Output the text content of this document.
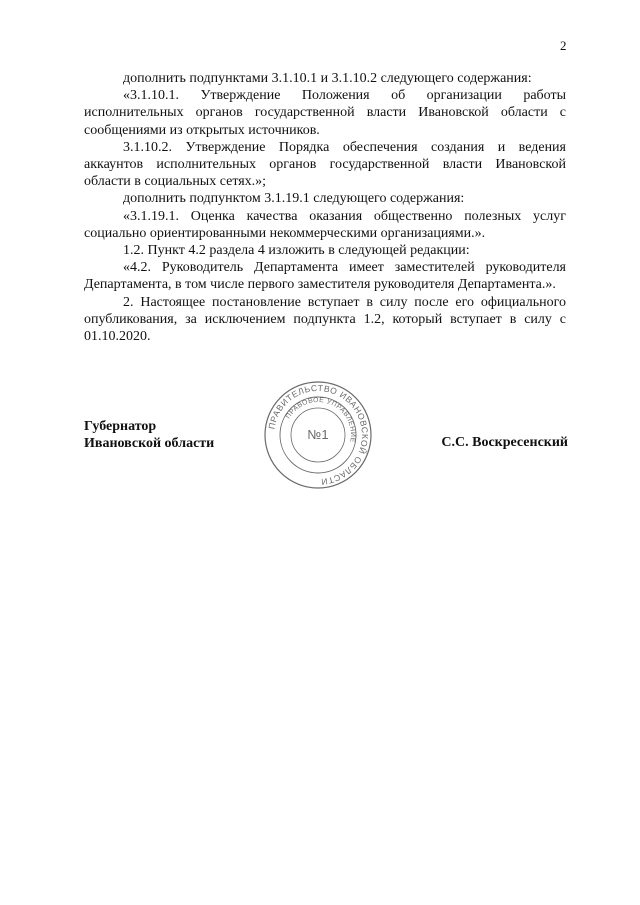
2

дополнить подпунктами 3.1.10.1 и 3.1.10.2 следующего содержания:

«3.1.10.1. Утверждение Положения об организации работы исполнительных органов государственной власти Ивановской области с сообщениями из открытых источников.

3.1.10.2. Утверждение Порядка обеспечения создания и ведения аккаунтов исполнительных органов государственной власти Ивановской области в социальных сетях.»;

дополнить подпунктом 3.1.19.1 следующего содержания:

«3.1.19.1. Оценка качества оказания общественно полезных услуг социально ориентированными некоммерческими организациями.».

1.2. Пункт 4.2 раздела 4 изложить в следующей редакции:

«4.2. Руководитель Департамента имеет заместителей руководителя Департамента, в том числе первого заместителя руководителя Департамента.».

2. Настоящее постановление вступает в силу после его официального опубликования, за исключением подпункта 1.2, который вступает в силу с 01.10.2020.

Губернатор
Ивановской области	С.С. Воскресенский
ПРАВИТЕЛЬСТВО ИВАНОВСКОЙ ОБЛАСТИ
ПРАВОВОЕ УПРАВЛЕНИЕ
№1
